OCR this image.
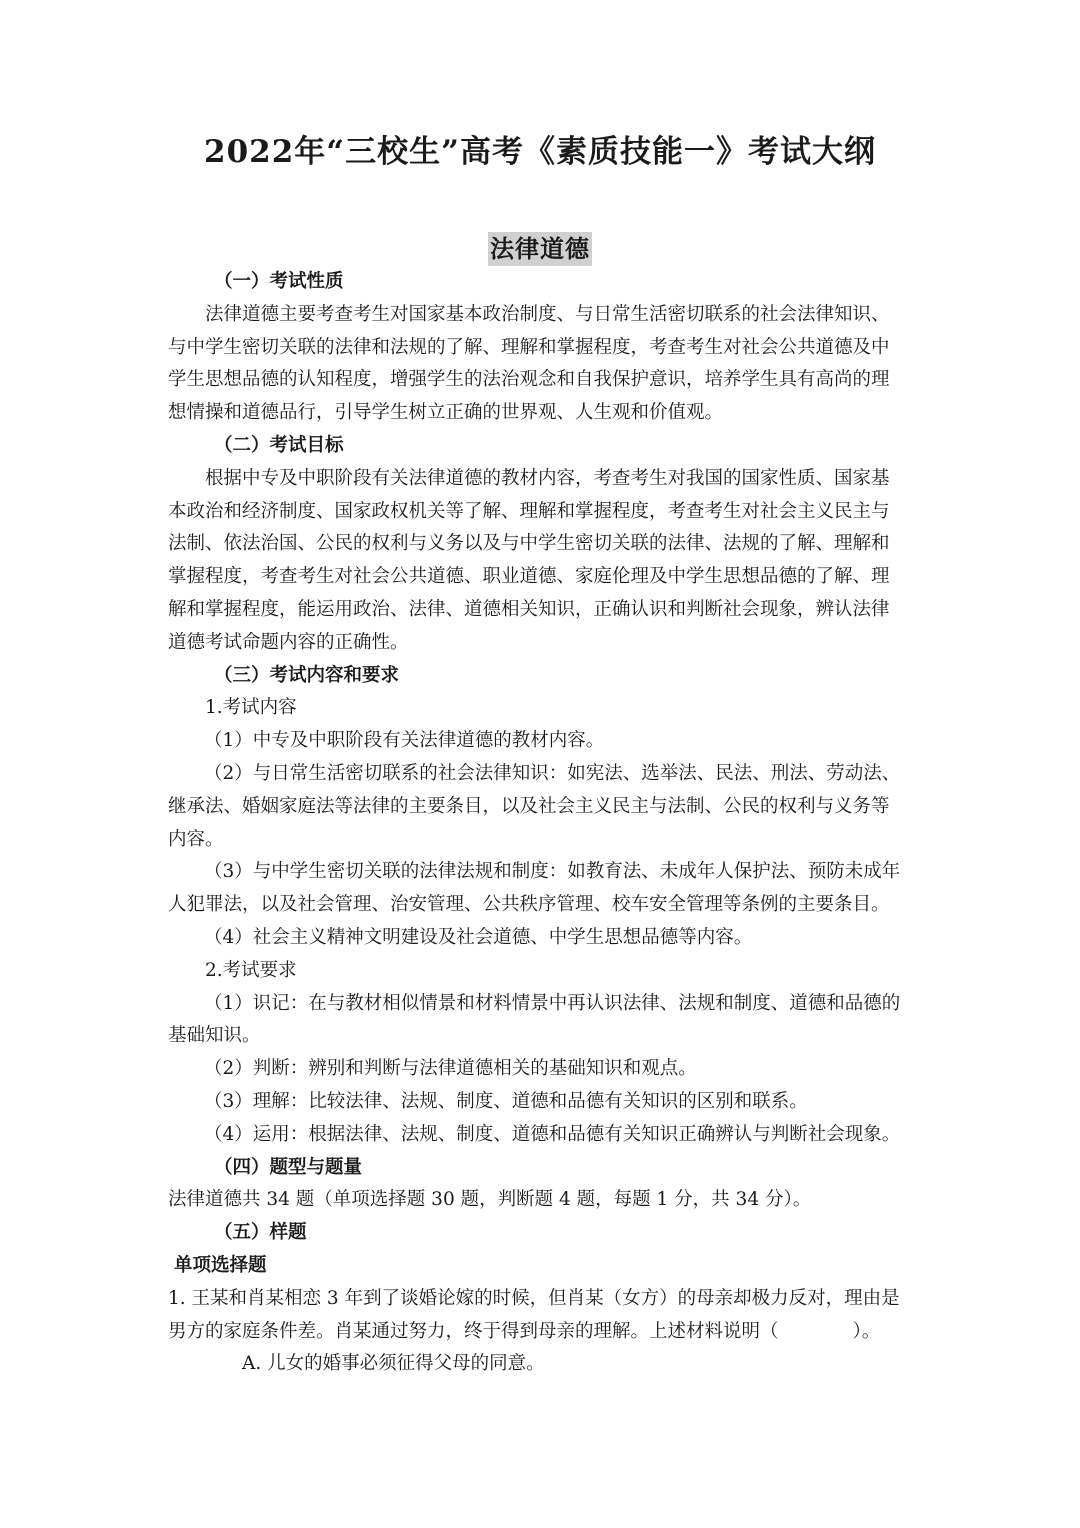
2022年“三校生”高考《素质技能一》考试大纲
法律道德
（一）考试性质
法律道德主要考查考生对国家基本政治制度、与日常生活密切联系的社会法律知识、
与中学生密切关联的法律和法规的了解、理解和掌握程度，考查考生对社会公共道德及中
学生思想品德的认知程度，增强学生的法治观念和自我保护意识，培养学生具有高尚的理
想情操和道德品行，引导学生树立正确的世界观、人生观和价值观。
（二）考试目标
根据中专及中职阶段有关法律道德的教材内容，考查考生对我国的国家性质、国家基
本政治和经济制度、国家政权机关等了解、理解和掌握程度，考查考生对社会主义民主与
法制、依法治国、公民的权利与义务以及与中学生密切关联的法律、法规的了解、理解和
掌握程度，考查考生对社会公共道德、职业道德、家庭伦理及中学生思想品德的了解、理
解和掌握程度，能运用政治、法律、道德相关知识，正确认识和判断社会现象，辨认法律
道德考试命题内容的正确性。
（三）考试内容和要求
1.考试内容
（1）中专及中职阶段有关法律道德的教材内容。
（2）与日常生活密切联系的社会法律知识：如宪法、选举法、民法、刑法、劳动法、
继承法、婚姻家庭法等法律的主要条目，以及社会主义民主与法制、公民的权利与义务等
内容。
（3）与中学生密切关联的法律法规和制度：如教育法、未成年人保护法、预防未成年
人犯罪法，以及社会管理、治安管理、公共秩序管理、校车安全管理等条例的主要条目。
（4）社会主义精神文明建设及社会道德、中学生思想品德等内容。
2.考试要求
（1）识记：在与教材相似情景和材料情景中再认识法律、法规和制度、道德和品德的
基础知识。
（2）判断：辨别和判断与法律道德相关的基础知识和观点。
（3）理解：比较法律、法规、制度、道德和品德有关知识的区别和联系。
（4）运用：根据法律、法规、制度、道德和品德有关知识正确辨认与判断社会现象。
（四）题型与题量
法律道德共 34 题（单项选择题 30 题，判断题 4 题，每题 1 分，共 34 分）。
（五）样题
单项选择题
1. 王某和肖某相恋 3 年到了谈婚论嫁的时候，但肖某（女方）的母亲却极力反对，理由是
男方的家庭条件差。肖某通过努力，终于得到母亲的理解。上述材料说明（　　　　）。
A. 儿女的婚事必须征得父母的同意。
